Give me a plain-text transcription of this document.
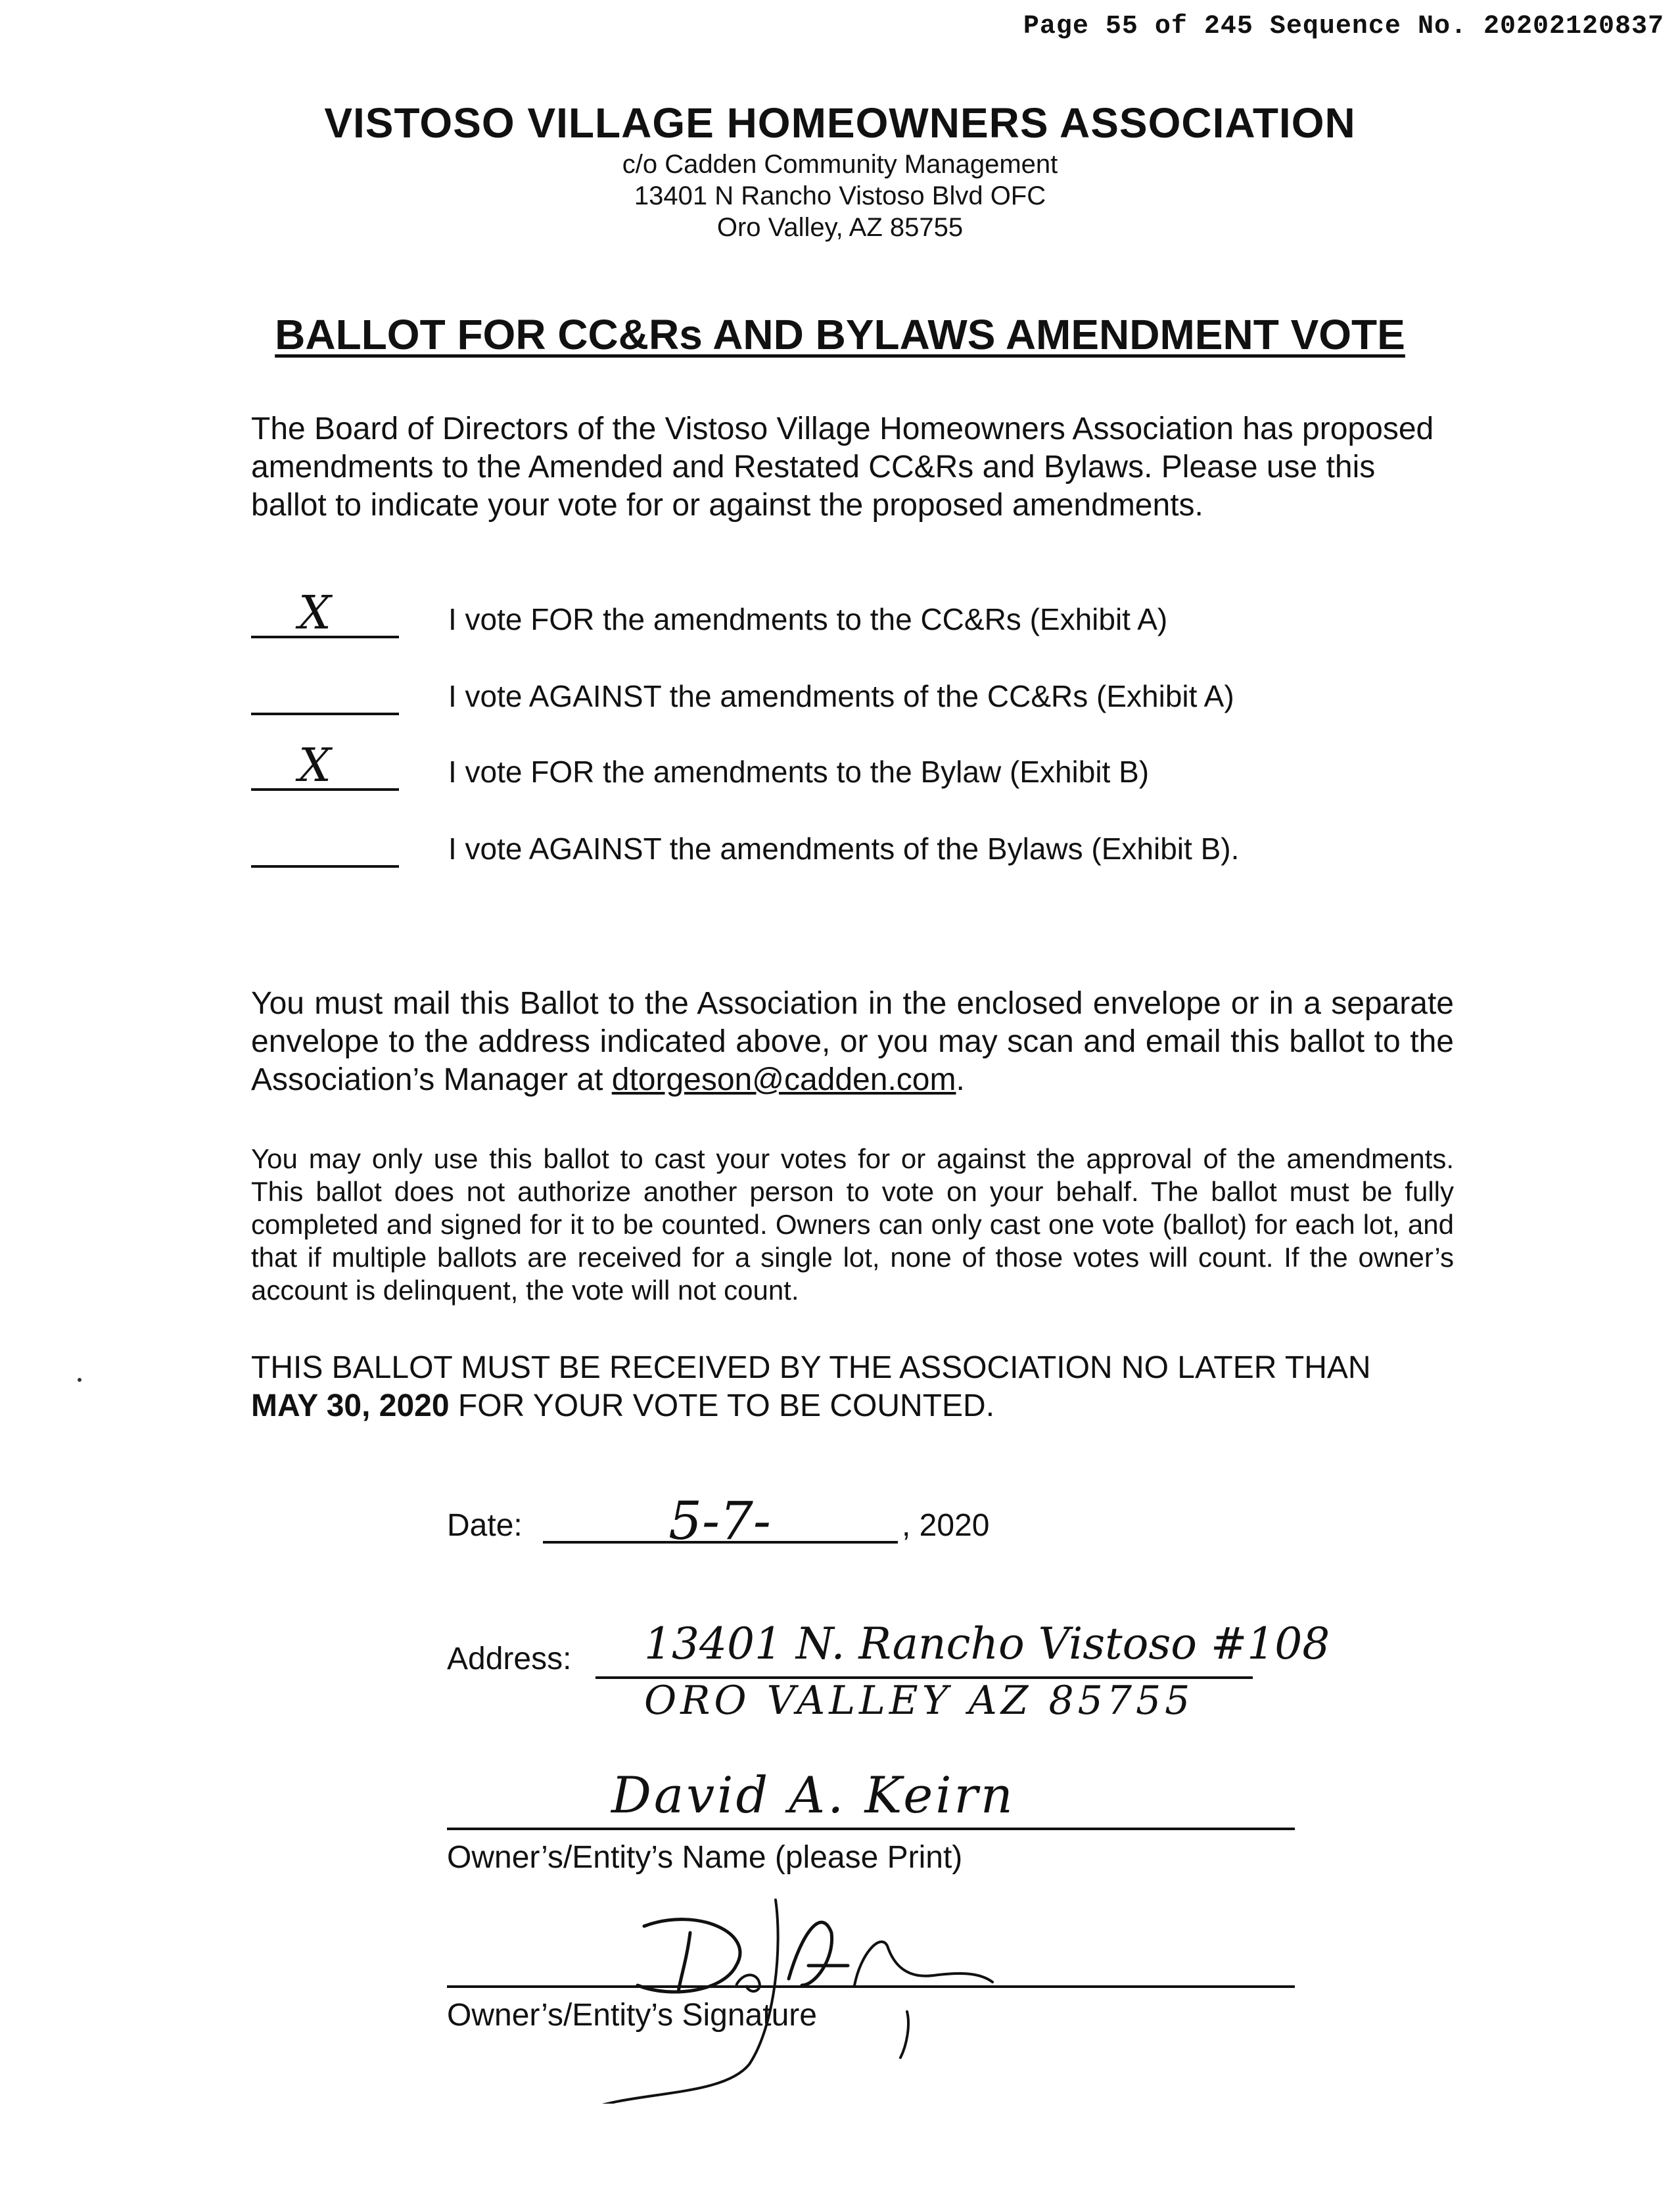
Page 55 of 245 Sequence No. 20202120837
VISTOSO VILLAGE HOMEOWNERS ASSOCIATION
c/o Cadden Community Management
13401 N Rancho Vistoso Blvd OFC
Oro Valley, AZ 85755
BALLOT FOR CC&Rs AND BYLAWS AMENDMENT VOTE
The Board of Directors of the Vistoso Village Homeowners Association has proposed amendments to the Amended and Restated CC&Rs and Bylaws. Please use this ballot to indicate your vote for or against the proposed amendments.
X	I vote FOR the amendments to the CC&Rs (Exhibit A)
I vote AGAINST the amendments of the CC&Rs (Exhibit A)
X	I vote FOR the amendments to the Bylaw (Exhibit B)
I vote AGAINST the amendments of the Bylaws (Exhibit B).
You must mail this Ballot to the Association in the enclosed envelope or in a separate envelope to the address indicated above, or you may scan and email this ballot to the Association’s Manager at dtorgeson@cadden.com.
You may only use this ballot to cast your votes for or against the approval of the amendments. This ballot does not authorize another person to vote on your behalf. The ballot must be fully completed and signed for it to be counted. Owners can only cast one vote (ballot) for each lot, and that if multiple ballots are received for a single lot, none of those votes will count. If the owner’s account is delinquent, the vote will not count.
THIS BALLOT MUST BE RECEIVED BY THE ASSOCIATION NO LATER THAN
MAY 30, 2020 FOR YOUR VOTE TO BE COUNTED.
Date:	5-7-	, 2020
Address: 13401 N. Rancho Vistoso #108
ORO VALLEY AZ 85755
David A. Keirn
Owner’s/Entity’s Name (please Print)
Owner’s/Entity’s Signature
